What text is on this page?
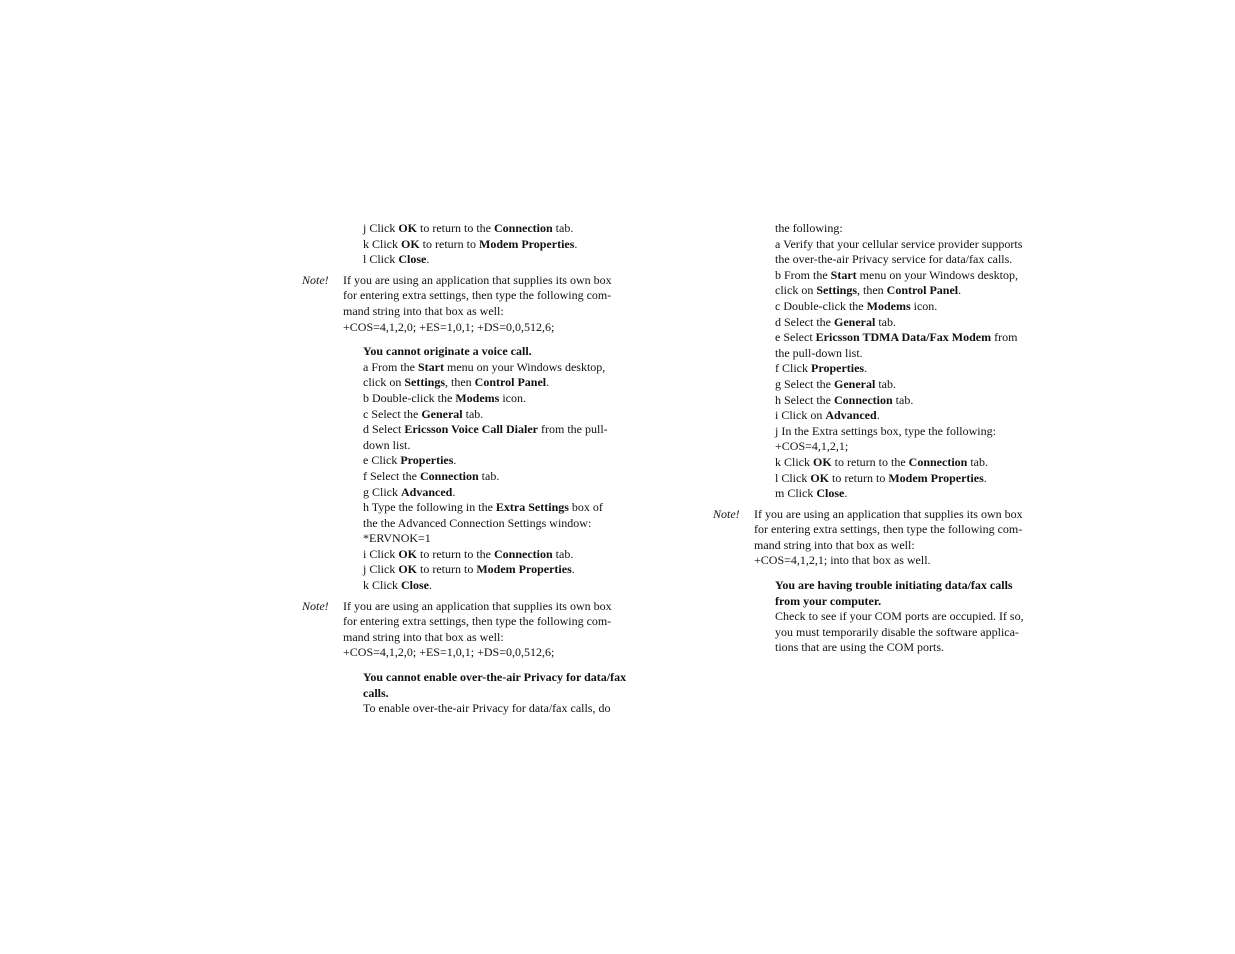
j Click OK to return to the Connection tab.
k Click OK to return to Modem Properties.
l Click Close.
Note! If you are using an application that supplies its own box
for entering extra settings, then type the following com-
mand string into that box as well:
+COS=4,1,2,0; +ES=1,0,1; +DS=0,0,512,6;
You cannot originate a voice call.
a From the Start menu on your Windows desktop,
click on Settings, then Control Panel.
b Double-click the Modems icon.
c Select the General tab.
d Select Ericsson Voice Call Dialer from the pull-
down list.
e Click Properties.
f Select the Connection tab.
g Click Advanced.
h Type the following in the Extra Settings box of
the the Advanced Connection Settings window:
*ERVNOK=1
i Click OK to return to the Connection tab.
j Click OK to return to Modem Properties.
k Click Close.
Note! If you are using an application that supplies its own box
for entering extra settings, then type the following com-
mand string into that box as well:
+COS=4,1,2,0; +ES=1,0,1; +DS=0,0,512,6;
You cannot enable over-the-air Privacy for data/fax
calls.
To enable over-the-air Privacy for data/fax calls, do
the following:
a Verify that your cellular service provider supports
the over-the-air Privacy service for data/fax calls.
b From the Start menu on your Windows desktop,
click on Settings, then Control Panel.
c Double-click the Modems icon.
d Select the General tab.
e Select Ericsson TDMA Data/Fax Modem from
the pull-down list.
f Click Properties.
g Select the General tab.
h Select the Connection tab.
i Click on Advanced.
j In the Extra settings box, type the following:
+COS=4,1,2,1;
k Click OK to return to the Connection tab.
l Click OK to return to Modem Properties.
m Click Close.
Note! If you are using an application that supplies its own box
for entering extra settings, then type the following com-
mand string into that box as well:
+COS=4,1,2,1; into that box as well.
You are having trouble initiating data/fax calls
from your computer.
Check to see if your COM ports are occupied. If so,
you must temporarily disable the software applica-
tions that are using the COM ports.
